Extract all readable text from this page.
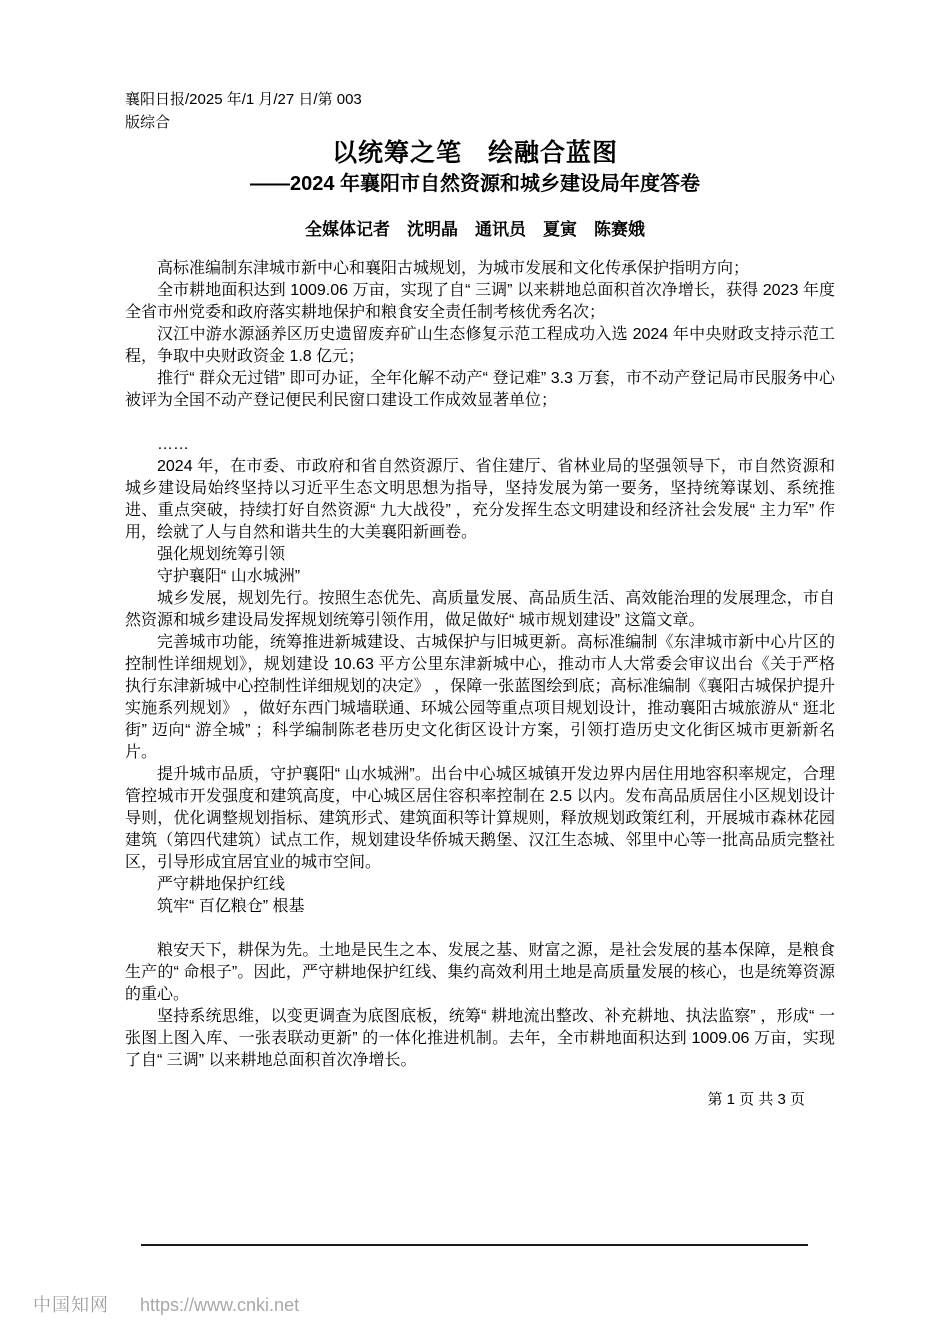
襄阳日报/2025 年/1 月/27 日/第 003
版综合
以统筹之笔　绘融合蓝图
——2024 年襄阳市自然资源和城乡建设局年度答卷
全媒体记者　沈明晶　通讯员　夏寅　陈赛娥

高标准编制东津城市新中心和襄阳古城规划，为城市发展和文化传承保护指明方向；

全市耕地面积达到 1009.06 万亩，实现了自“ 三调” 以来耕地总面积首次净增长，获得 2023 年度全省市州党委和政府落实耕地保护和粮食安全责任制考核优秀名次；

汉江中游水源涵养区历史遗留废弃矿山生态修复示范工程成功入选 2024 年中央财政支持示范工程，争取中央财政资金 1.8 亿元；

推行“ 群众无过错” 即可办证，全年化解不动产“ 登记难” 3.3 万套，市不动产登记局市民服务中心被评为全国不动产登记便民利民窗口建设工作成效显著单位；

……

2024 年，在市委、市政府和省自然资源厅、省住建厅、省林业局的坚强领导下，市自然资源和城乡建设局始终坚持以习近平生态文明思想为指导，坚持发展为第一要务，坚持统筹谋划、系统推进、重点突破，持续打好自然资源“ 九大战役” ，充分发挥生态文明建设和经济社会发展“ 主力军” 作用，绘就了人与自然和谐共生的大美襄阳新画卷。

强化规划统筹引领

守护襄阳“ 山水城洲”

城乡发展，规划先行。按照生态优先、高质量发展、高品质生活、高效能治理的发展理念，市自然资源和城乡建设局发挥规划统筹引领作用，做足做好“ 城市规划建设” 这篇文章。

完善城市功能，统筹推进新城建设、古城保护与旧城更新。高标准编制《东津城市新中心片区的控制性详细规划》，规划建设 10.63 平方公里东津新城中心，推动市人大常委会审议出台《关于严格执行东津新城中心控制性详细规划的决定》 ，保障一张蓝图绘到底；高标准编制《襄阳古城保护提升实施系列规划》 ，做好东西门城墙联通、环城公园等重点项目规划设计，推动襄阳古城旅游从“ 逛北街” 迈向“ 游全城” ；科学编制陈老巷历史文化街区设计方案，引领打造历史文化街区城市更新新名片。

提升城市品质，守护襄阳“ 山水城洲”。出台中心城区城镇开发边界内居住用地容积率规定，合理管控城市开发强度和建筑高度，中心城区居住容积率控制在 2.5 以内。发布高品质居住小区规划设计导则，优化调整规划指标、建筑形式、建筑面积等计算规则，释放规划政策红利，开展城市森林花园建筑（第四代建筑）试点工作，规划建设华侨城天鹅堡、汉江生态城、邻里中心等一批高品质完整社区，引导形成宜居宜业的城市空间。

严守耕地保护红线

筑牢“ 百亿粮仓” 根基

粮安天下，耕保为先。土地是民生之本、发展之基、财富之源，是社会发展的基本保障，是粮食生产的“ 命根子”。因此，严守耕地保护红线、集约高效利用土地是高质量发展的核心，也是统筹资源的重心。

坚持系统思维，以变更调查为底图底板，统筹“ 耕地流出整改、补充耕地、执法监察” ，形成“ 一张图上图入库、一张表联动更新” 的一体化推进机制。去年，全市耕地面积达到 1009.06 万亩，实现了自“ 三调” 以来耕地总面积首次净增长。

第 1 页 共 3 页
中国知网 https://www.cnki.net
